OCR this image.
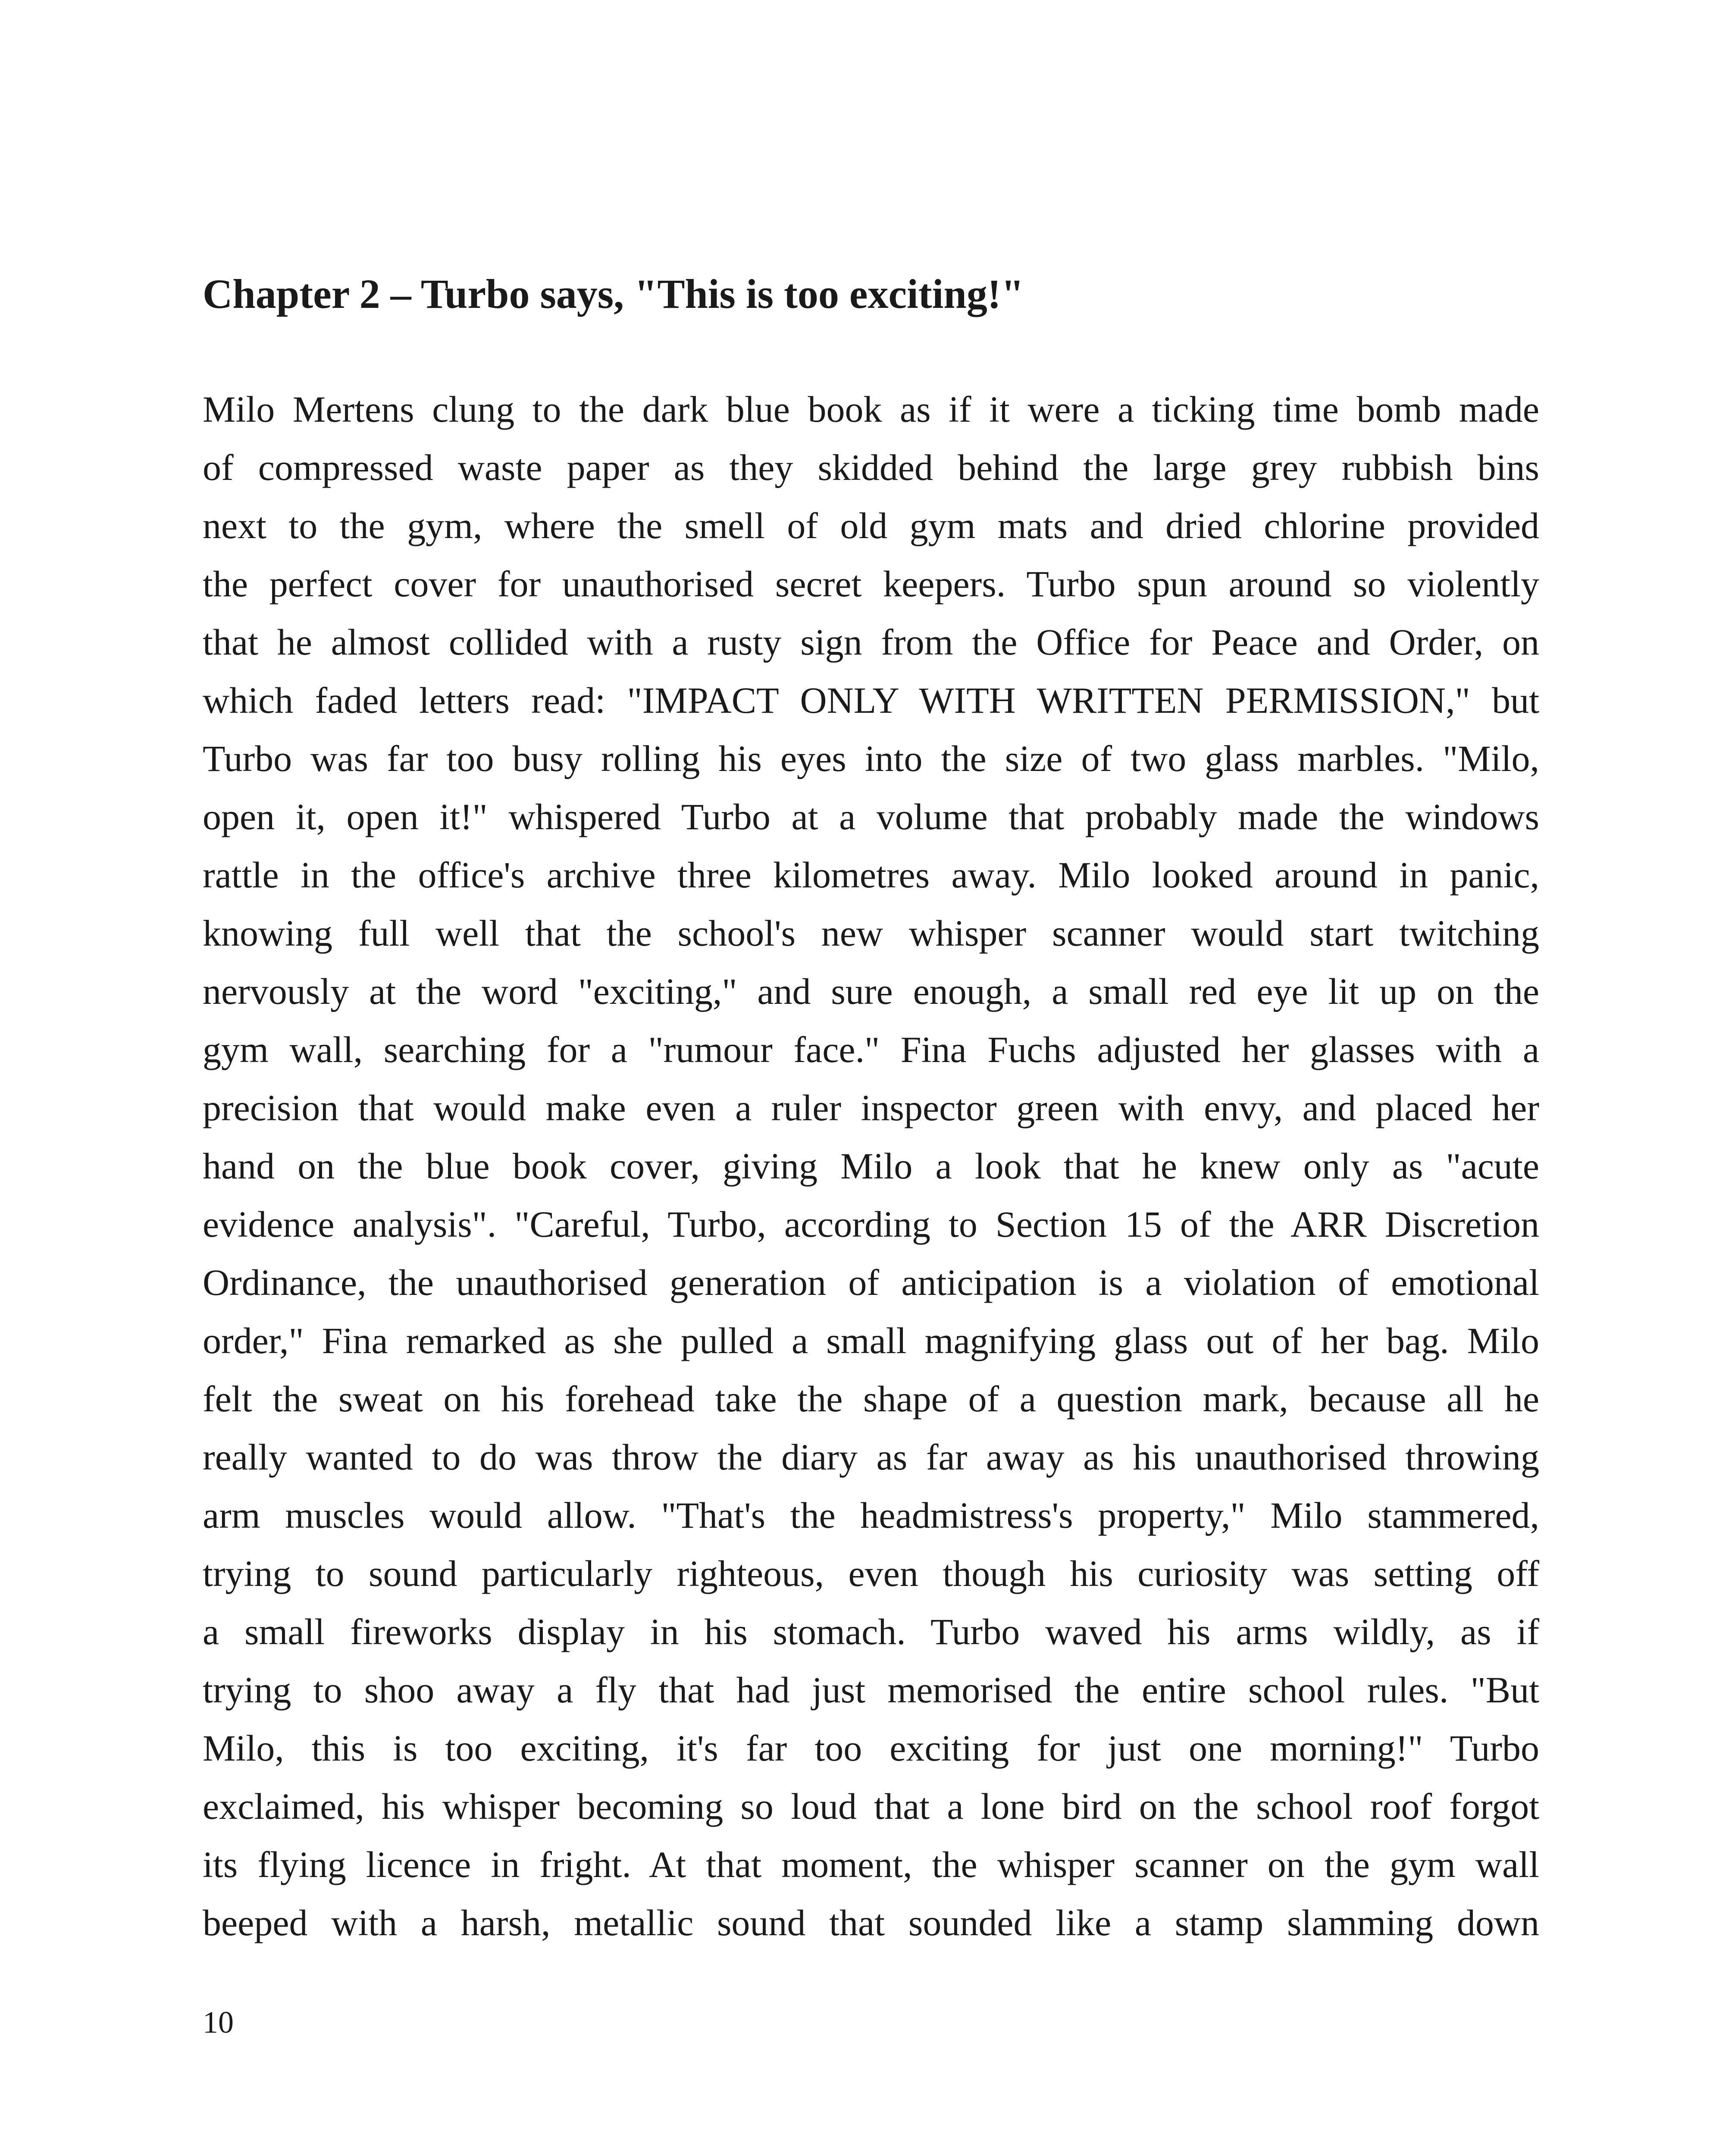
Chapter 2 – Turbo says, "This is too exciting!"
Milo Mertens clung to the dark blue book as if it were a ticking time bomb made
of compressed waste paper as they skidded behind the large grey rubbish bins
next to the gym, where the smell of old gym mats and dried chlorine provided
the perfect cover for unauthorised secret keepers. Turbo spun around so violently
that he almost collided with a rusty sign from the Office for Peace and Order, on
which faded letters read: "IMPACT ONLY WITH WRITTEN PERMISSION," but
Turbo was far too busy rolling his eyes into the size of two glass marbles. "Milo,
open it, open it!" whispered Turbo at a volume that probably made the windows
rattle in the office's archive three kilometres away. Milo looked around in panic,
knowing full well that the school's new whisper scanner would start twitching
nervously at the word "exciting," and sure enough, a small red eye lit up on the
gym wall, searching for a "rumour face." Fina Fuchs adjusted her glasses with a
precision that would make even a ruler inspector green with envy, and placed her
hand on the blue book cover, giving Milo a look that he knew only as "acute
evidence analysis". "Careful, Turbo, according to Section 15 of the ARR Discretion
Ordinance, the unauthorised generation of anticipation is a violation of emotional
order," Fina remarked as she pulled a small magnifying glass out of her bag. Milo
felt the sweat on his forehead take the shape of a question mark, because all he
really wanted to do was throw the diary as far away as his unauthorised throwing
arm muscles would allow. "That's the headmistress's property," Milo stammered,
trying to sound particularly righteous, even though his curiosity was setting off
a small fireworks display in his stomach. Turbo waved his arms wildly, as if
trying to shoo away a fly that had just memorised the entire school rules. "But
Milo, this is too exciting, it's far too exciting for just one morning!" Turbo
exclaimed, his whisper becoming so loud that a lone bird on the school roof forgot
its flying licence in fright. At that moment, the whisper scanner on the gym wall
beeped with a harsh, metallic sound that sounded like a stamp slamming down

10
